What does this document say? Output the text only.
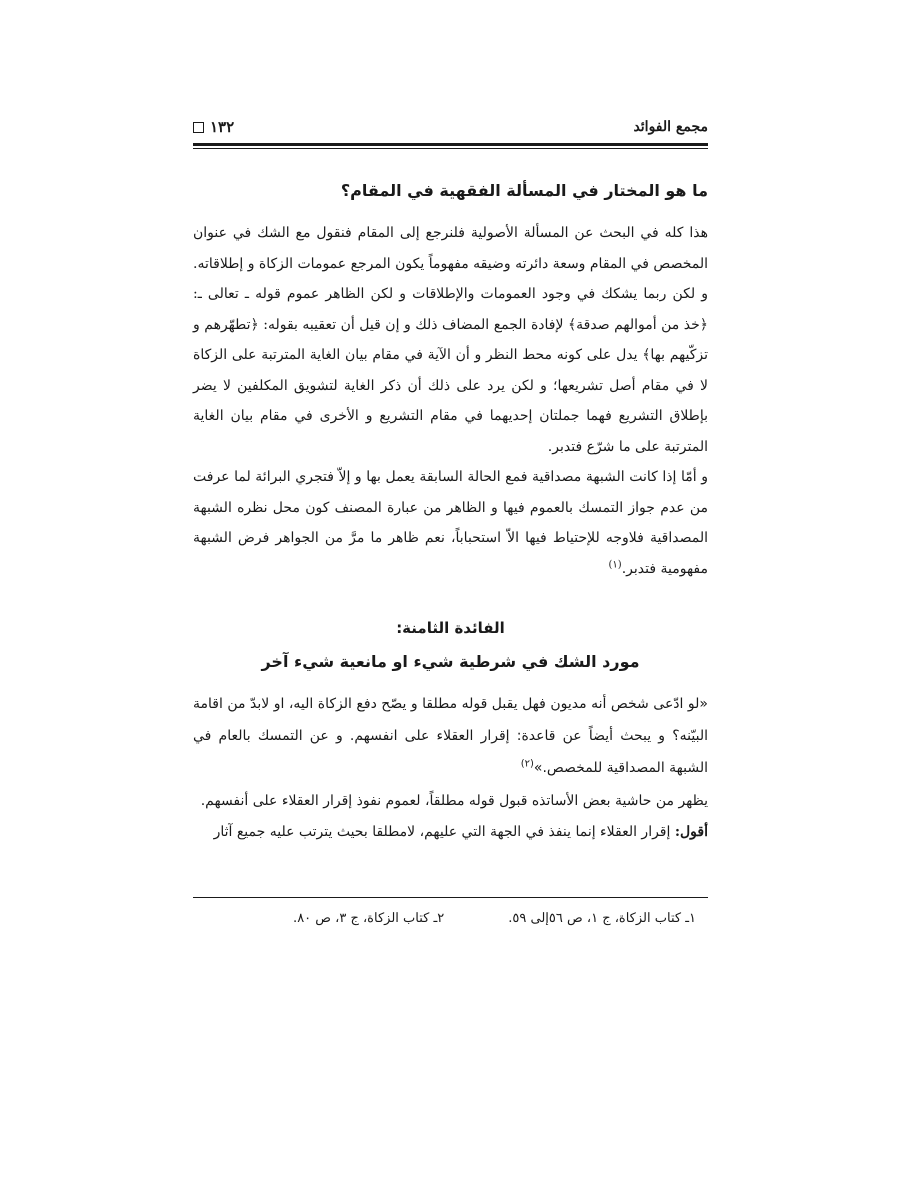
١٣٢	مجمع الفوائد
ما هو المختار في المسألة الفقهية في المقام؟

هذا كله في البحث عن المسألة الأصولية فلنرجع إلى المقام فنقول مع الشك في عنوان المخصص في المقام وسعة دائرته وضيقه مفهوماً يكون المرجع عمومات الزكاة و إطلاقاته.

و لكن ربما يشكك في وجود العمومات والإطلاقات و لكن الظاهر عموم قوله ـ تعالى ـ: ﴿خذ من أموالهم صدقة﴾ لإفادة الجمع المضاف ذلك و إن قيل أن تعقيبه بقوله: ﴿تطهّرهم و تزكّيهم بها﴾ يدل على كونه محط النظر و أن الآية في مقام بيان الغاية المترتبة على الزكاة لا في مقام أصل تشريعها؛ و لكن يرد على ذلك أن ذكر الغاية لتشويق المكلفين لا يضر بإطلاق التشريع فهما جملتان إحديهما في مقام التشريع و الأخرى في مقام بيان الغاية المترتبة على ما شرّع فتدبر.

و أمّا إذا كانت الشبهة مصداقية فمع الحالة السابقة يعمل بها و إلاّ فتجري البرائة لما عرفت من عدم جواز التمسك بالعموم فيها و الظاهر من عبارة المصنف كون محل نظره الشبهة المصداقية فلاوجه للإحتياط فيها الاّ استحباباً، نعم ظاهر ما مرَّ من الجواهر فرض الشبهة مفهومية فتدبر.$^{(١)}$

الفائدة الثامنة:
مورد الشك في شرطية شيء او مانعية شيء آخر

«لو ادّعى شخص أنه مديون فهل يقبل قوله مطلقا و يصّح دفع الزكاة اليه، او لابدّ من اقامة البيّنه؟ و يبحث أيضاً عن قاعدة: إقرار العقلاء على انفسهم. و عن التمسك بالعام في الشبهة المصداقية للمخصص.»$^{(٢)}$

يظهر من حاشية بعض الأساتذه قبول قوله مطلقاً، لعموم نفوذ إقرار العقلاء على أنفسهم.

أقول: إقرار العقلاء إنما ينفذ في الجهة التي عليهم، لامطلقا بحيث يترتب عليه جميع آثار

١ـ كتاب الزكاة، ج ١، ص ٥٦إلى ٥٩.
٢ـ كتاب الزكاة، ج ٣، ص ٨٠.
